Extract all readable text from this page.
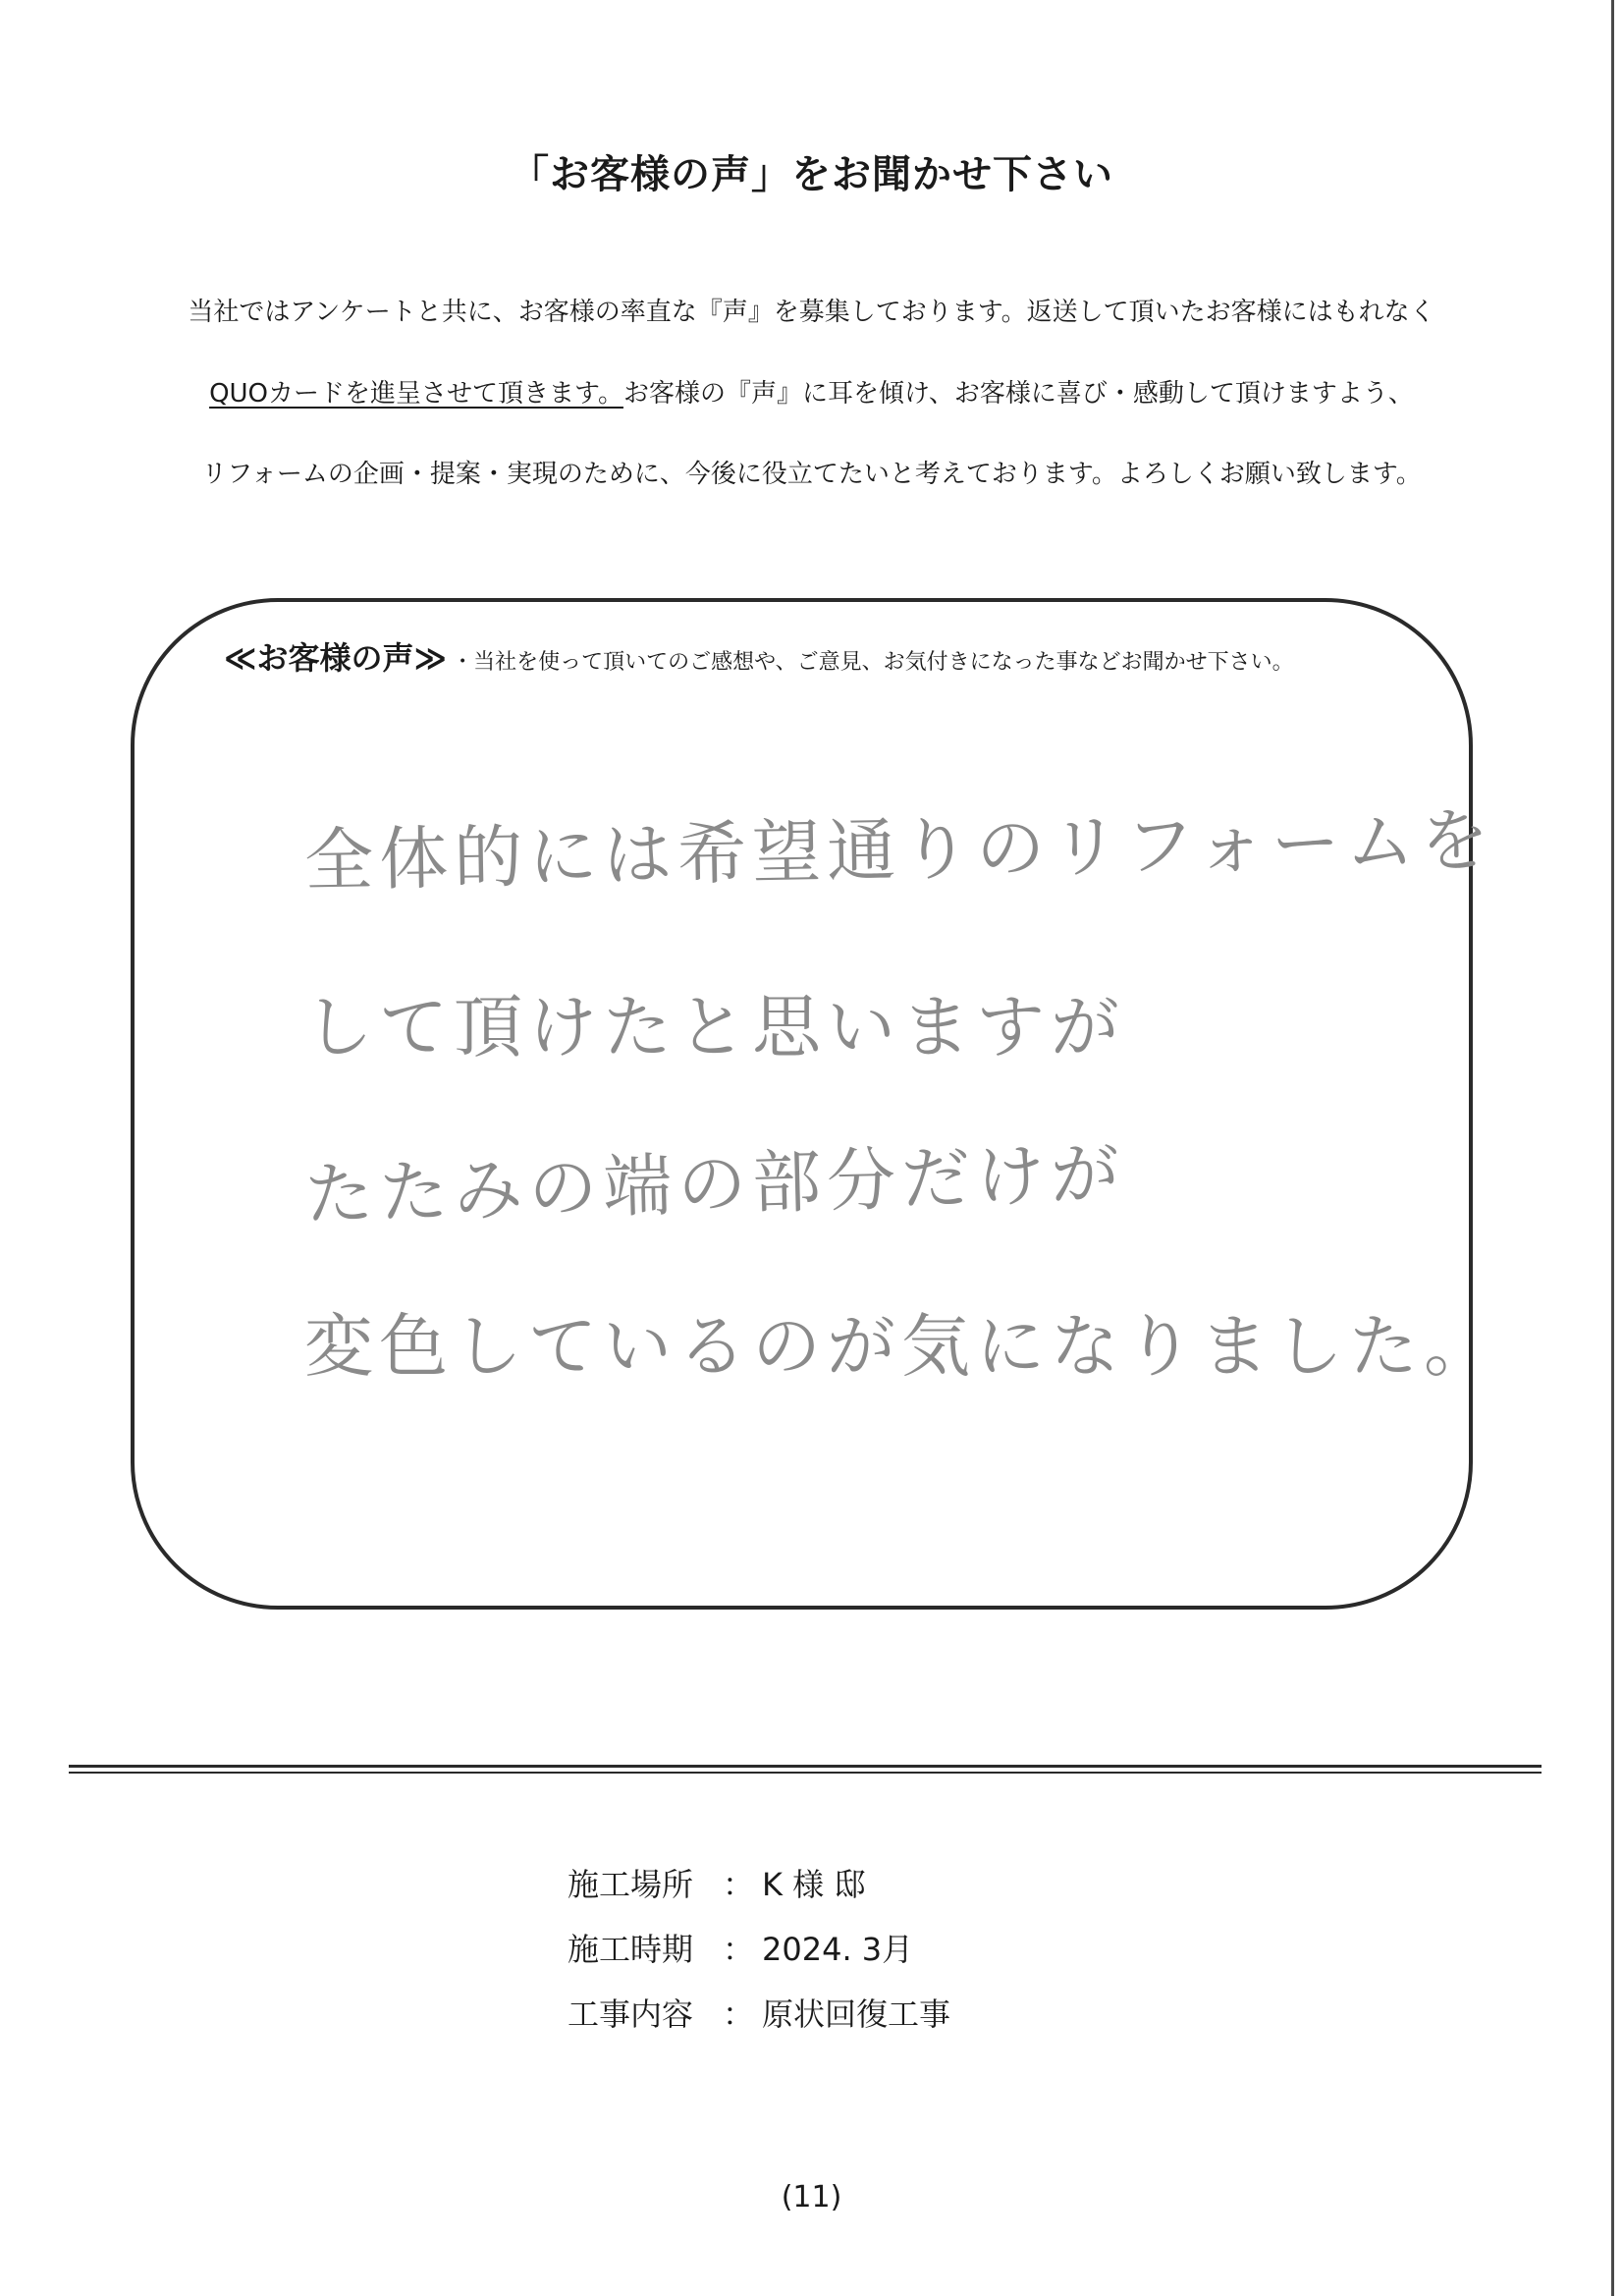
「お客様の声」をお聞かせ下さい
当社ではアンケートと共に、お客様の率直な『声』を募集しております。返送して頂いたお客様にはもれなく
QUOカードを進呈させて頂きます。お客様の『声』に耳を傾け、お客様に喜び・感動して頂けますよう、
リフォームの企画・提案・実現のために、今後に役立てたいと考えております。よろしくお願い致します。
≪お客様の声≫ ・当社を使って頂いてのご感想や、ご意見、お気付きになった事などお聞かせ下さい。
全体的には希望通りのリフォームを
して頂けたと思いますが
たたみの端の部分だけが
変色しているのが気になりました。
施工場所 ： K 様 邸
施工時期 ： 2024. 3月
工事内容 ： 原状回復工事
(11)
